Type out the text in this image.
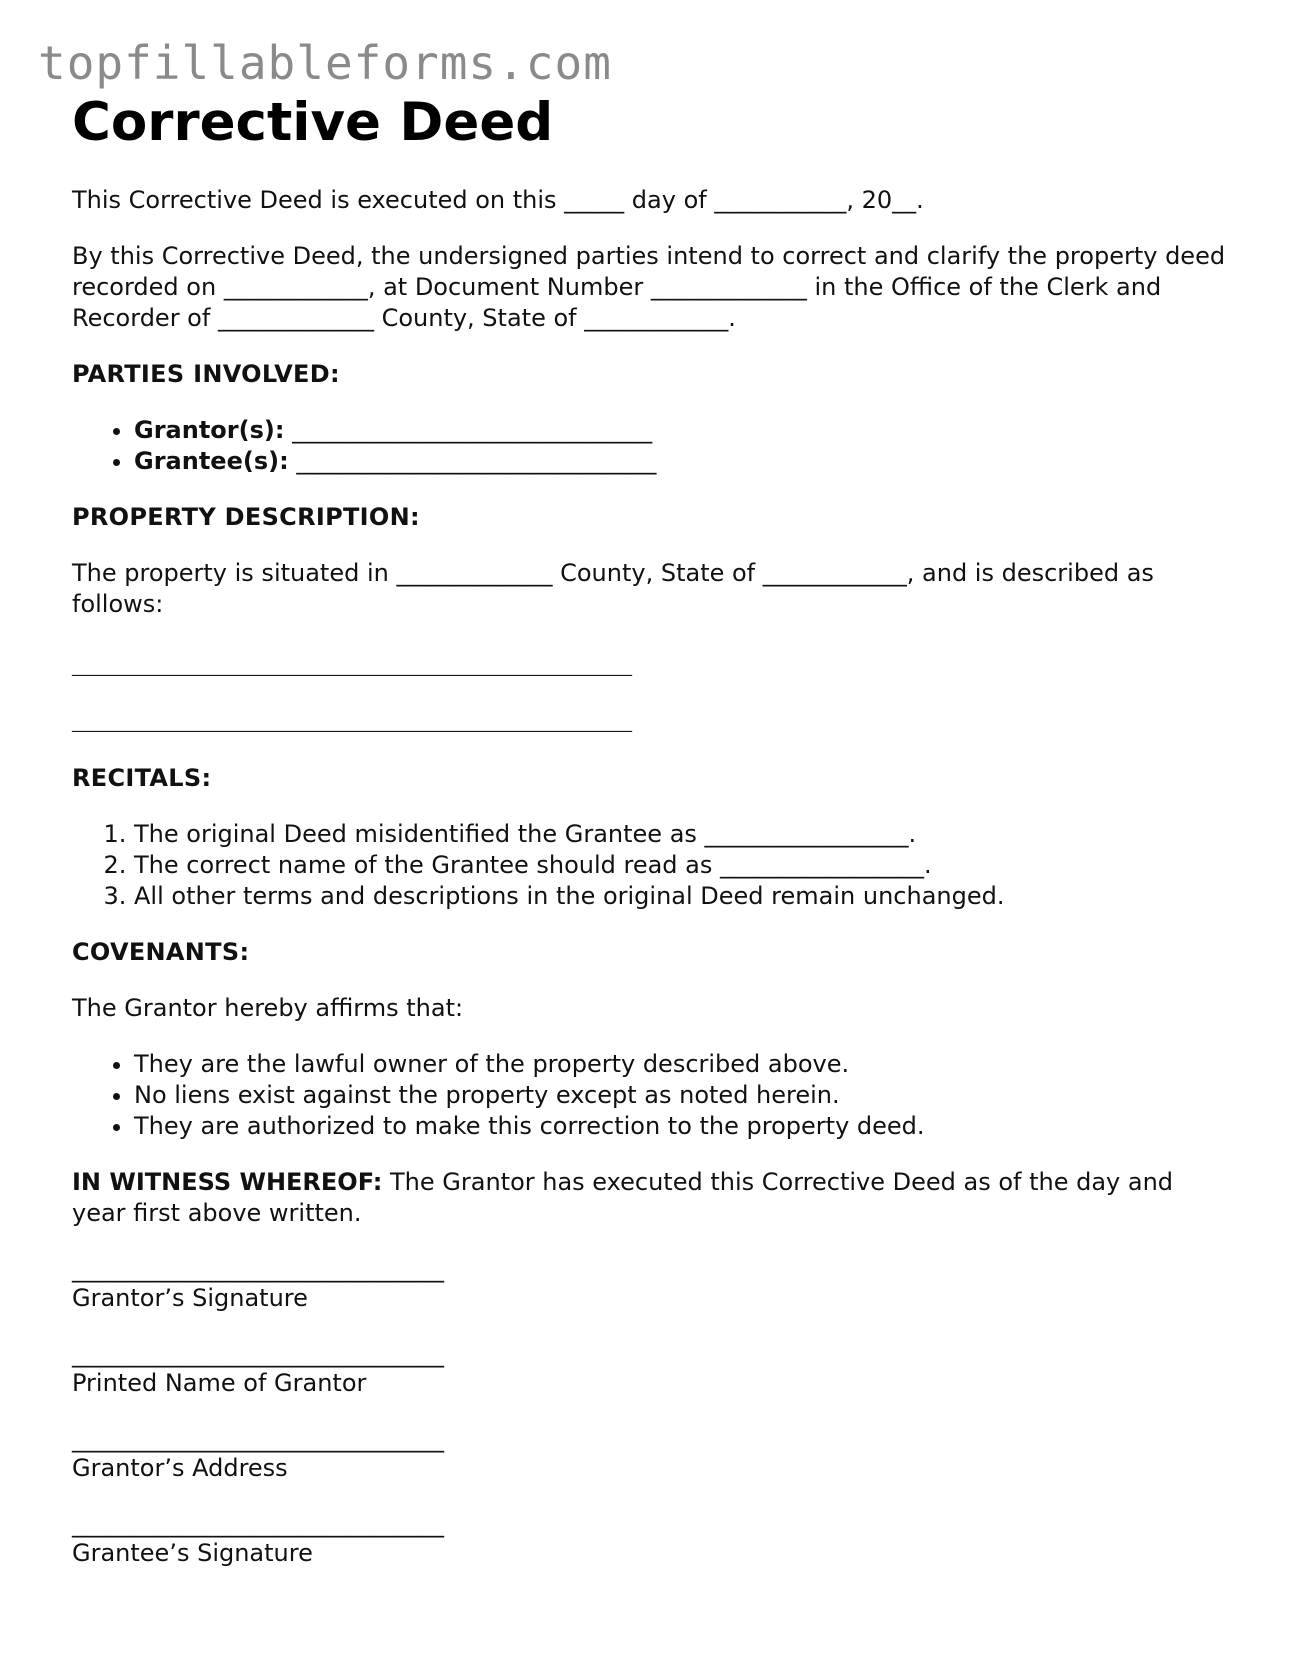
topfillableforms.com
Corrective Deed

This Corrective Deed is executed on this _____ day of ___________, 20__.

By this Corrective Deed, the undersigned parties intend to correct and clarify the property deed recorded on ____________, at Document Number _____________ in the Office of the Clerk and Recorder of _____________ County, State of ____________.

PARTIES INVOLVED:
• Grantor(s): ______________________________
• Grantee(s): ______________________________
PROPERTY DESCRIPTION:

The property is situated in _____________ County, State of ____________, and is described as follows:

______________________________________________________________________
______________________________________________________________________
RECITALS:
1. The original Deed misidentified the Grantee as _________________.
2. The correct name of the Grantee should read as _________________.
3. All other terms and descriptions in the original Deed remain unchanged.
COVENANTS:

The Grantor hereby affirms that:

• They are the lawful owner of the property described above.
• No liens exist against the property except as noted herein.
• They are authorized to make this correction to the property deed.

IN WITNESS WHEREOF: The Grantor has executed this Corrective Deed as of the day and year first above written.

_______________________________
Grantor’s Signature
_______________________________
Printed Name of Grantor
_______________________________
Grantor’s Address
_______________________________
Grantee’s Signature
